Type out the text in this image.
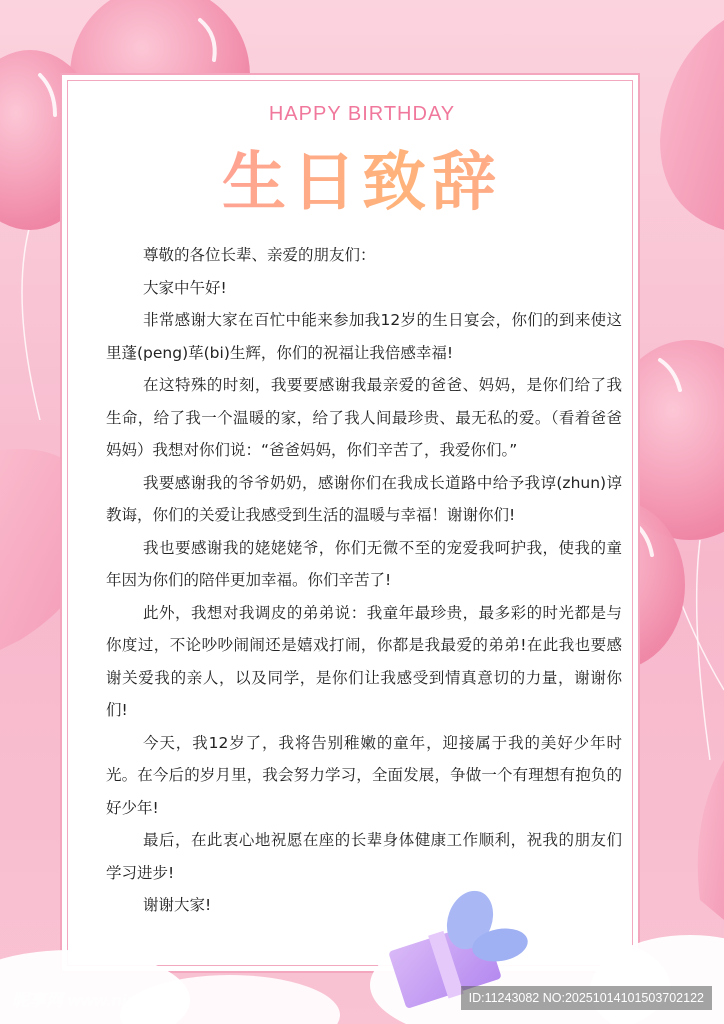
HAPPY BIRTHDAY
生日致辞

尊敬的各位长辈、亲爱的朋友们：

大家中午好!

非常感谢大家在百忙中能来参加我12岁的生日宴会，你们的到来使这里蓬(peng)荜(bi)生辉，你们的祝福让我倍感幸福!

在这特殊的时刻，我要要感谢我最亲爱的爸爸、妈妈，是你们给了我生命，给了我一个温暖的家，给了我人间最珍贵、最无私的爱。（看着爸爸妈妈）我想对你们说：“爸爸妈妈，你们辛苦了，我爱你们。”

我要感谢我的爷爷奶奶，感谢你们在我成长道路中给予我谆(zhun)谆教诲，你们的关爱让我感受到生活的温暖与幸福！谢谢你们!

我也要感谢我的姥姥姥爷，你们无微不至的宠爱我呵护我，使我的童年因为你们的陪伴更加幸福。你们辛苦了!

此外，我想对我调皮的弟弟说：我童年最珍贵，最多彩的时光都是与你度过，不论吵吵闹闹还是嬉戏打闹，你都是我最爱的弟弟!在此我也要感谢关爱我的亲人，以及同学，是你们让我感受到情真意切的力量，谢谢你们!

今天，我12岁了，我将告别稚嫩的童年，迎接属于我的美好少年时光。在今后的岁月里，我会努力学习，全面发展，争做一个有理想有抱负的好少年!

最后，在此衷心地祝愿在座的长辈身体健康工作顺利，祝我的朋友们学习进步!

谢谢大家!

昵享网 www.nipic.cn	ID:11243082 NO:20251014101503702122
